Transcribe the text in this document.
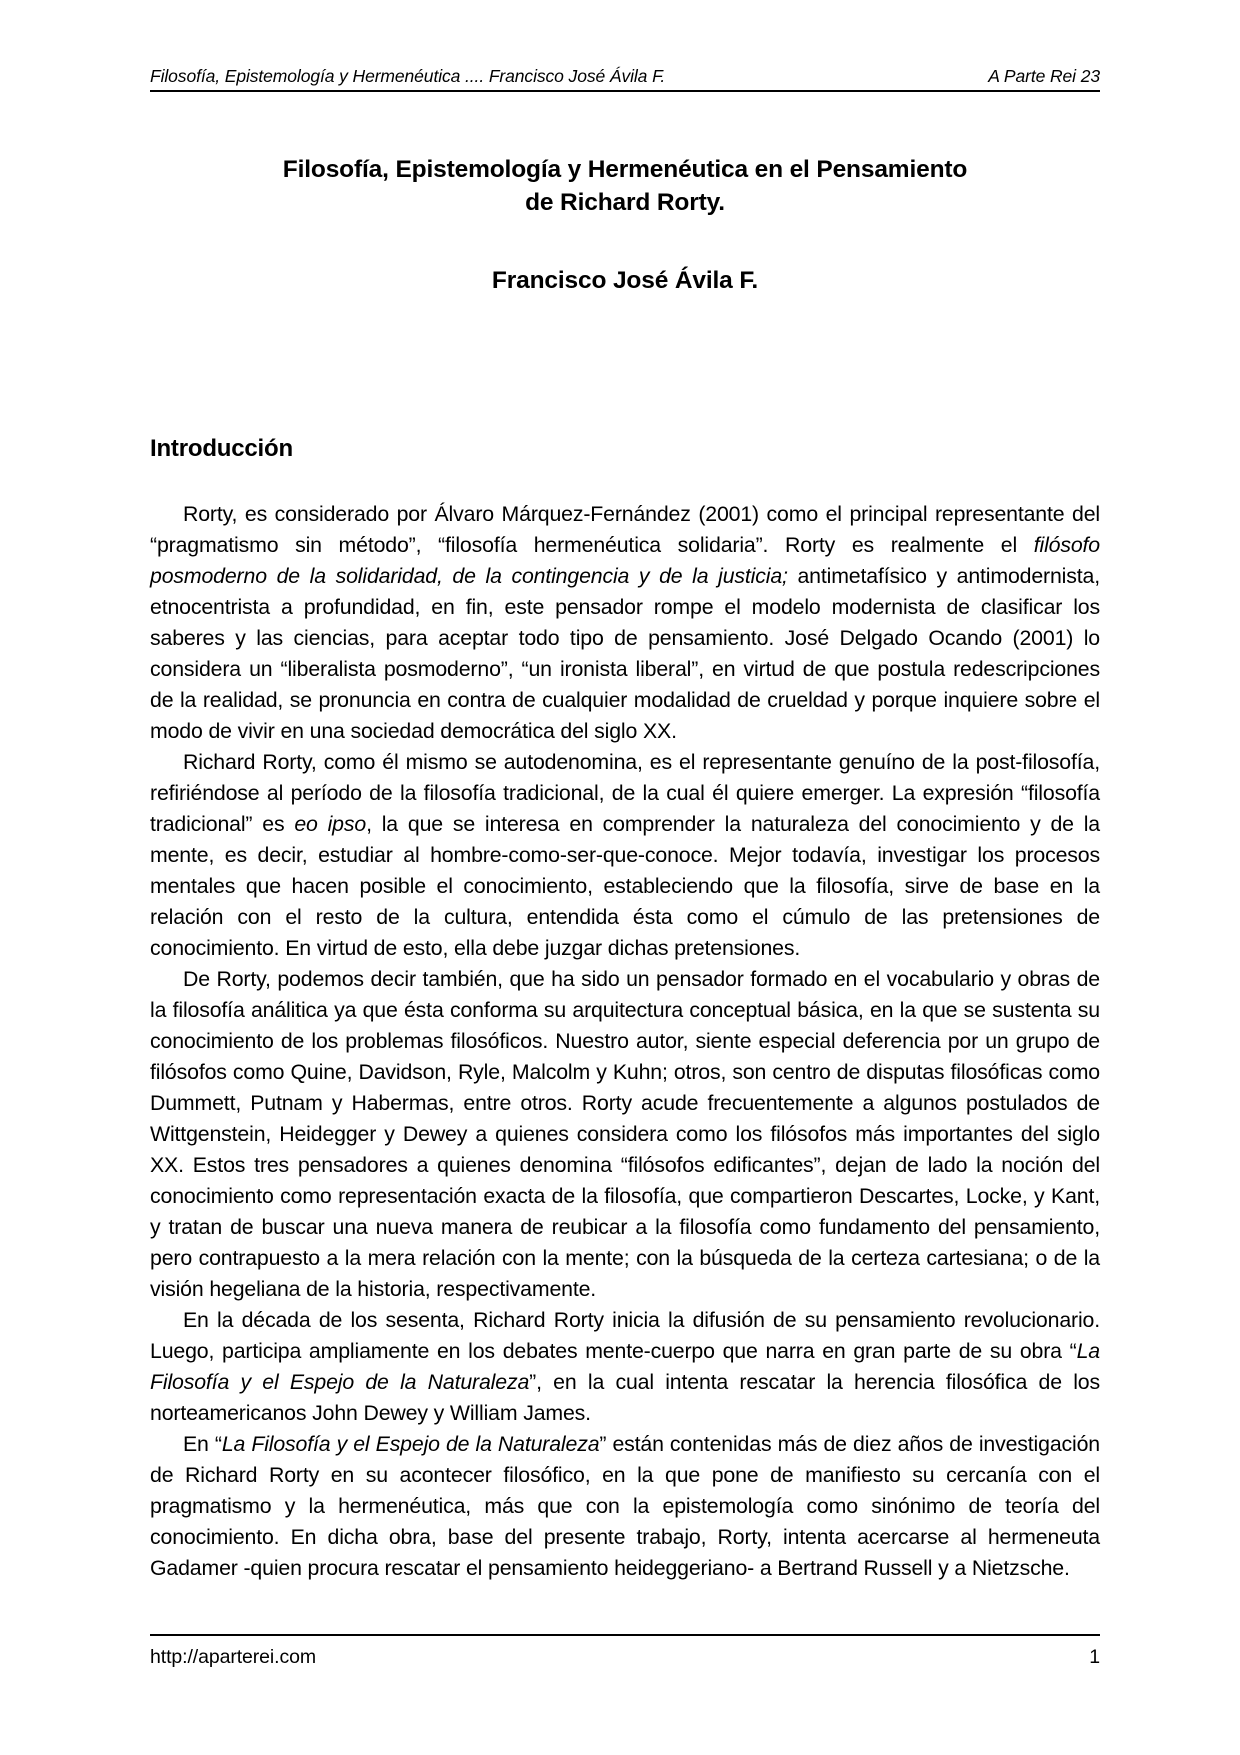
Filosofía, Epistemología y Hermenéutica .... Francisco José Ávila F.	A Parte Rei 23
Filosofía, Epistemología y Hermenéutica en el Pensamiento
de Richard Rorty.
Francisco José Ávila F.
Introducción

Rorty, es considerado por Álvaro Márquez-Fernández (2001) como el principal representante del “pragmatismo sin método”, “filosofía hermenéutica solidaria”. Rorty es realmente el filósofo posmoderno de la solidaridad, de la contingencia y de la justicia; antimetafísico y antimodernista, etnocentrista a profundidad, en fin, este pensador rompe el modelo modernista de clasificar los saberes y las ciencias, para aceptar todo tipo de pensamiento. José Delgado Ocando (2001) lo considera un “liberalista posmoderno”, “un ironista liberal”, en virtud de que postula redescripciones de la realidad, se pronuncia en contra de cualquier modalidad de crueldad y porque inquiere sobre el modo de vivir en una sociedad democrática del siglo XX.

Richard Rorty, como él mismo se autodenomina, es el representante genuíno de la post-filosofía, refiriéndose al período de la filosofía tradicional, de la cual él quiere emerger. La expresión “filosofía tradicional” es eo ipso, la que se interesa en comprender la naturaleza del conocimiento y de la mente, es decir, estudiar al hombre-como-ser-que-conoce. Mejor todavía, investigar los procesos mentales que hacen posible el conocimiento, estableciendo que la filosofía, sirve de base en la relación con el resto de la cultura, entendida ésta como el cúmulo de las pretensiones de conocimiento. En virtud de esto, ella debe juzgar dichas pretensiones.

De Rorty, podemos decir también, que ha sido un pensador formado en el vocabulario y obras de la filosofía análitica ya que ésta conforma su arquitectura conceptual básica, en la que se sustenta su conocimiento de los problemas filosóficos. Nuestro autor, siente especial deferencia por un grupo de filósofos como Quine, Davidson, Ryle, Malcolm y Kuhn; otros, son centro de disputas filosóficas como Dummett, Putnam y Habermas, entre otros. Rorty acude frecuentemente a algunos postulados de Wittgenstein, Heidegger y Dewey a quienes considera como los filósofos más importantes del siglo XX. Estos tres pensadores a quienes denomina “filósofos edificantes”, dejan de lado la noción del conocimiento como representación exacta de la filosofía, que compartieron Descartes, Locke, y Kant, y tratan de buscar una nueva manera de reubicar a la filosofía como fundamento del pensamiento, pero contrapuesto a la mera relación con la mente; con la búsqueda de la certeza cartesiana; o de la visión hegeliana de la historia, respectivamente.

En la década de los sesenta, Richard Rorty inicia la difusión de su pensamiento revolucionario. Luego, participa ampliamente en los debates mente-cuerpo que narra en gran parte de su obra “La Filosofía y el Espejo de la Naturaleza”, en la cual intenta rescatar la herencia filosófica de los norteamericanos John Dewey y William James.

En “La Filosofía y el Espejo de la Naturaleza” están contenidas más de diez años de investigación de Richard Rorty en su acontecer filosófico, en la que pone de manifiesto su cercanía con el pragmatismo y la hermenéutica, más que con la epistemología como sinónimo de teoría del conocimiento. En dicha obra, base del presente trabajo, Rorty, intenta acercarse al hermeneuta Gadamer -quien procura rescatar el pensamiento heideggeriano- a Bertrand Russell y a Nietzsche.

http://aparterei.com	1
